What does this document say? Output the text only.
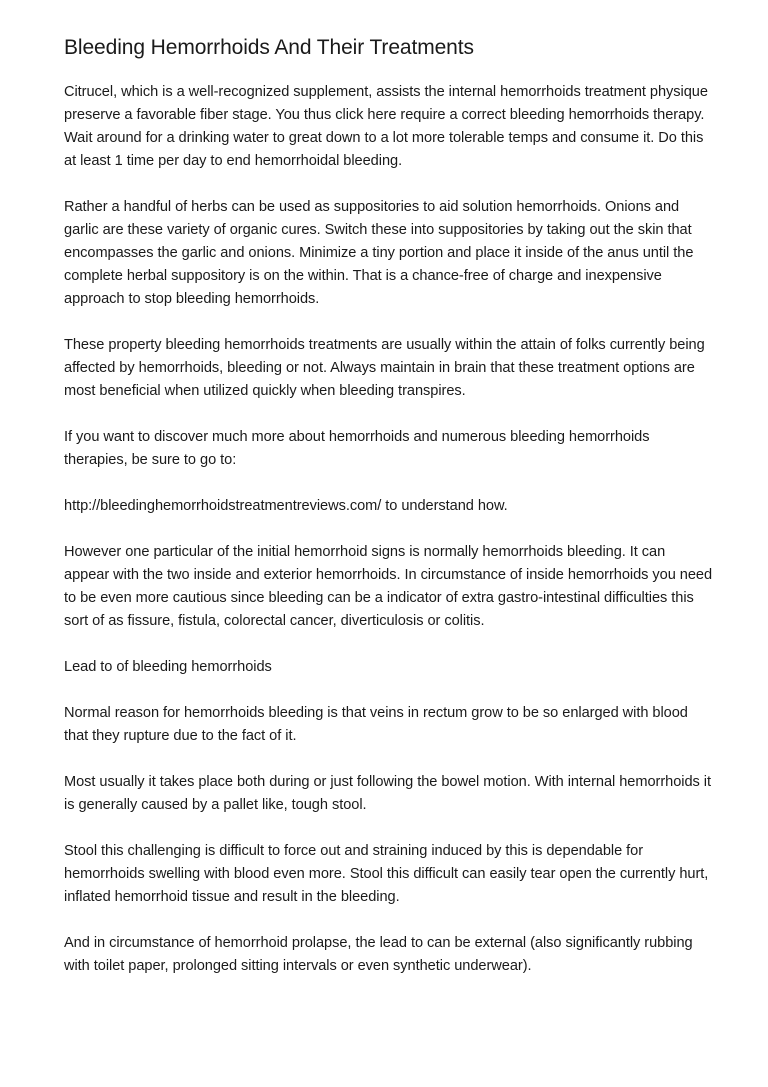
Bleeding Hemorrhoids And Their Treatments

Citrucel, which is a well-recognized supplement, assists the internal hemorrhoids treatment physique preserve a favorable fiber stage. You thus click here require a correct bleeding hemorrhoids therapy. Wait around for a drinking water to great down to a lot more tolerable temps and consume it. Do this at least 1 time per day to end hemorrhoidal bleeding.

Rather a handful of herbs can be used as suppositories to aid solution hemorrhoids. Onions and garlic are these variety of organic cures. Switch these into suppositories by taking out the skin that encompasses the garlic and onions. Minimize a tiny portion and place it inside of the anus until the complete herbal suppository is on the within. That is a chance-free of charge and inexpensive approach to stop bleeding hemorrhoids.

These property bleeding hemorrhoids treatments are usually within the attain of folks currently being affected by hemorrhoids, bleeding or not. Always maintain in brain that these treatment options are most beneficial when utilized quickly when bleeding transpires.

If you want to discover much more about hemorrhoids and numerous bleeding hemorrhoids therapies, be sure to go to:

http://bleedinghemorrhoidstreatmentreviews.com/ to understand how.

However one particular of the initial hemorrhoid signs is normally hemorrhoids bleeding. It can appear with the two inside and exterior hemorrhoids. In circumstance of inside hemorrhoids you need to be even more cautious since bleeding can be a indicator of extra gastro-intestinal difficulties this sort of as fissure, fistula, colorectal cancer, diverticulosis or colitis.

Lead to of bleeding hemorrhoids

Normal reason for hemorrhoids bleeding is that veins in rectum grow to be so enlarged with blood that they rupture due to the fact of it.

Most usually it takes place both during or just following the bowel motion. With internal hemorrhoids it is generally caused by a pallet like, tough stool.

Stool this challenging is difficult to force out and straining induced by this is dependable for hemorrhoids swelling with blood even more. Stool this difficult can easily tear open the currently hurt, inflated hemorrhoid tissue and result in the bleeding.

And in circumstance of hemorrhoid prolapse, the lead to can be external (also significantly rubbing with toilet paper, prolonged sitting intervals or even synthetic underwear).
